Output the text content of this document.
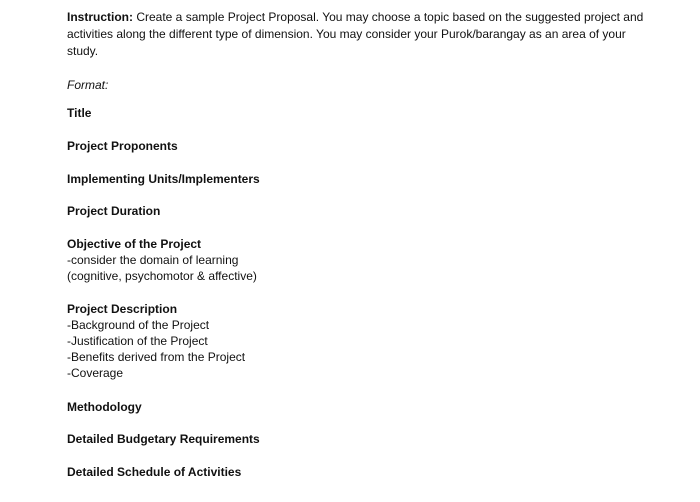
Instruction: Create a sample Project Proposal. You may choose a topic based on the suggested project and activities along the different type of dimension. You may consider your Purok/barangay as an area of your study.

Format:
Title
Project Proponents
Implementing Units/Implementers
Project Duration
Objective of the Project
-consider the domain of learning
(cognitive, psychomotor & affective)
Project Description
-Background of the Project
-Justification of the Project
-Benefits derived from the Project
-Coverage
Methodology
Detailed Budgetary Requirements
Detailed Schedule of Activities
